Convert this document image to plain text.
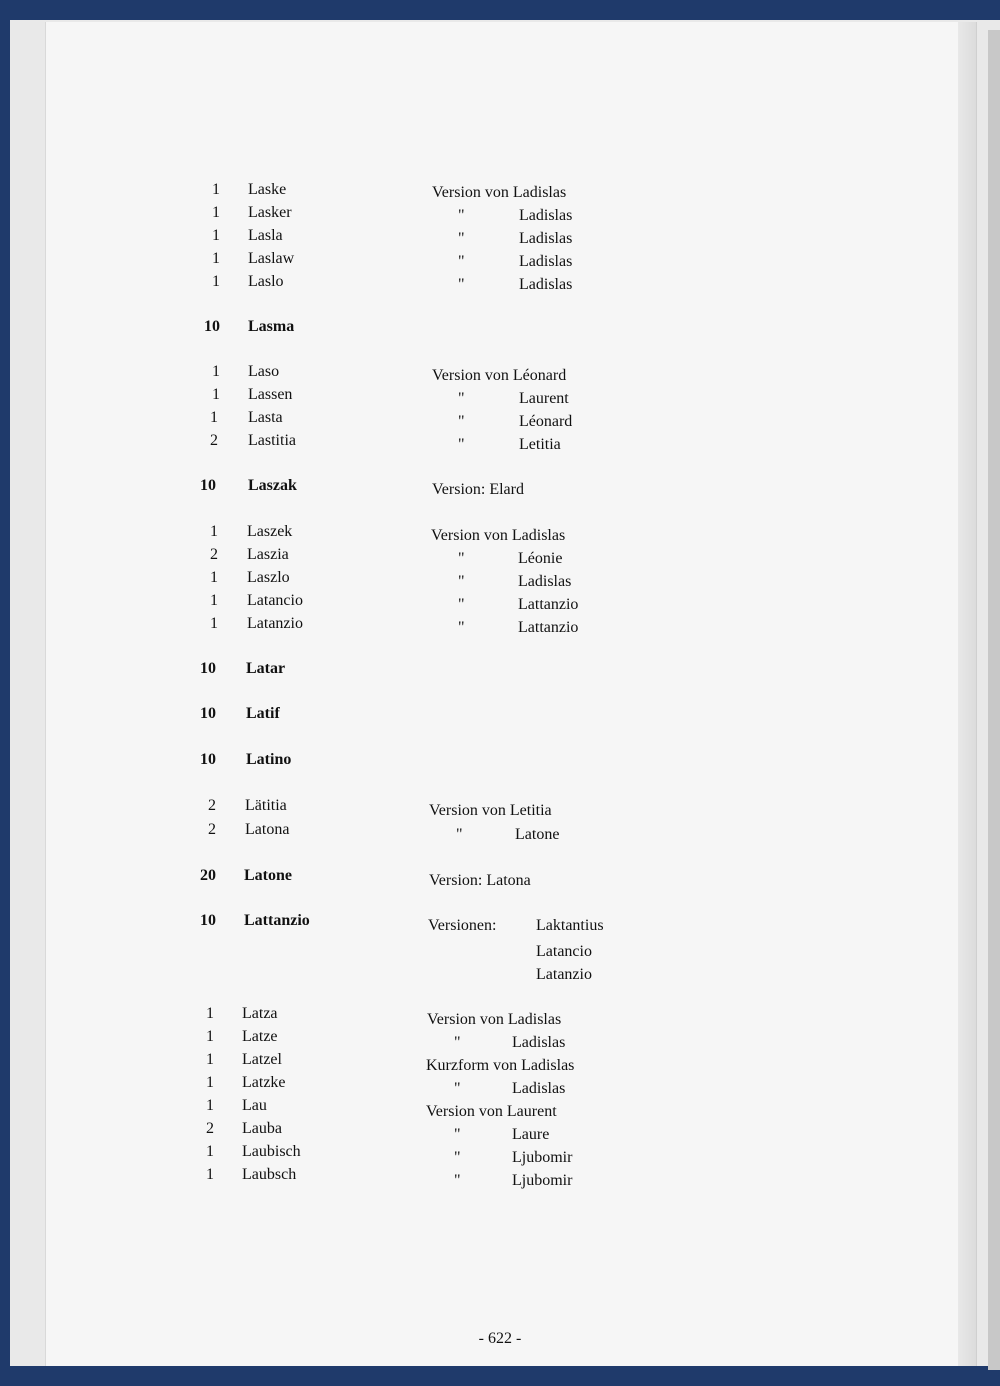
1 Laske	Version von Ladislas
1 Lasker	"	Ladislas
1 Lasla	"	Ladislas
1 Laslaw	"	Ladislas
1 Laslo	"	Ladislas
10 Lasma
1 Laso	Version von Léonard
1 Lassen	"	Laurent
1 Lasta	"	Léonard
2 Lastitia	"	Letitia
10 Laszak	Version: Elard
1 Laszek	Version von Ladislas
2 Laszia	"	Léonie
1 Laszlo	"	Ladislas
1 Latancio	"	Lattanzio
1 Latanzio	"	Lattanzio
10 Latar
10 Latif
10 Latino
2 Lätitia	Version von Letitia
2 Latona	"	Latone
20 Latone	Version: Latona
10 Lattanzio	Versionen: Laktantius
Latancio
Latanzio
1 Latza	Version von Ladislas
1 Latze	"	Ladislas
1 Latzel	Kurzform von Ladislas
1 Latzke	"	Ladislas
1 Lau	Version von Laurent
2 Lauba	"	Laure
1 Laubisch	"	Ljubomir
1 Laubsch	"	Ljubomir
- 622 -
